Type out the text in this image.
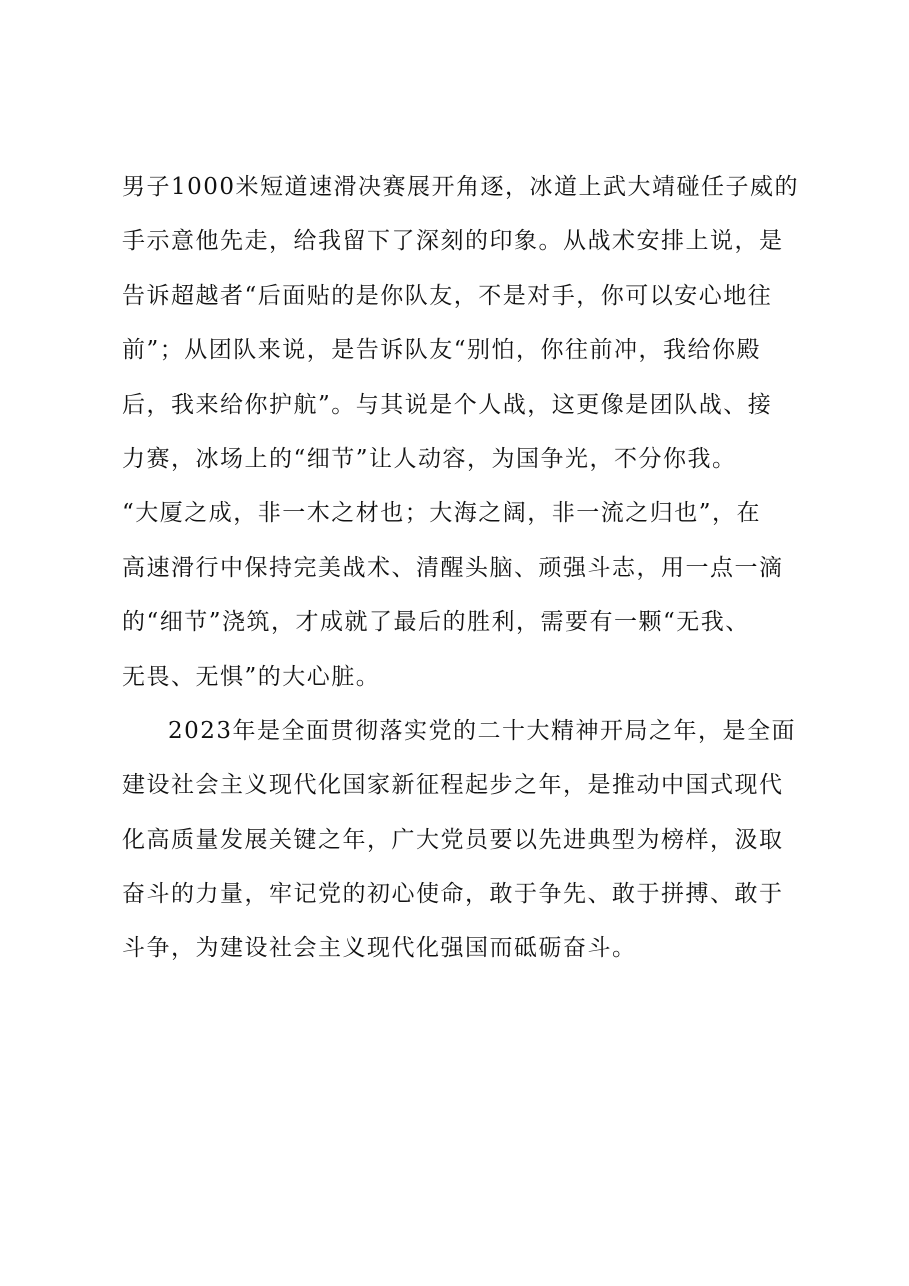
男子1000米短道速滑决赛展开角逐，冰道上武大靖碰任子威的
手示意他先走，给我留下了深刻的印象。从战术安排上说，是
告诉超越者“后面贴的是你队友，不是对手，你可以安心地往
前”；从团队来说，是告诉队友“别怕，你往前冲，我给你殿
后，我来给你护航”。与其说是个人战，这更像是团队战、接
力赛，冰场上的“细节”让人动容，为国争光，不分你我。
“大厦之成，非一木之材也；大海之阔，非一流之归也”，在
高速滑行中保持完美战术、清醒头脑、顽强斗志，用一点一滴
的“细节”浇筑，才成就了最后的胜利，需要有一颗“无我、
无畏、无惧”的大心脏。
2023年是全面贯彻落实党的二十大精神开局之年，是全面
建设社会主义现代化国家新征程起步之年，是推动中国式现代
化高质量发展关键之年，广大党员要以先进典型为榜样，汲取
奋斗的力量，牢记党的初心使命，敢于争先、敢于拼搏、敢于
斗争，为建设社会主义现代化强国而砥砺奋斗。
